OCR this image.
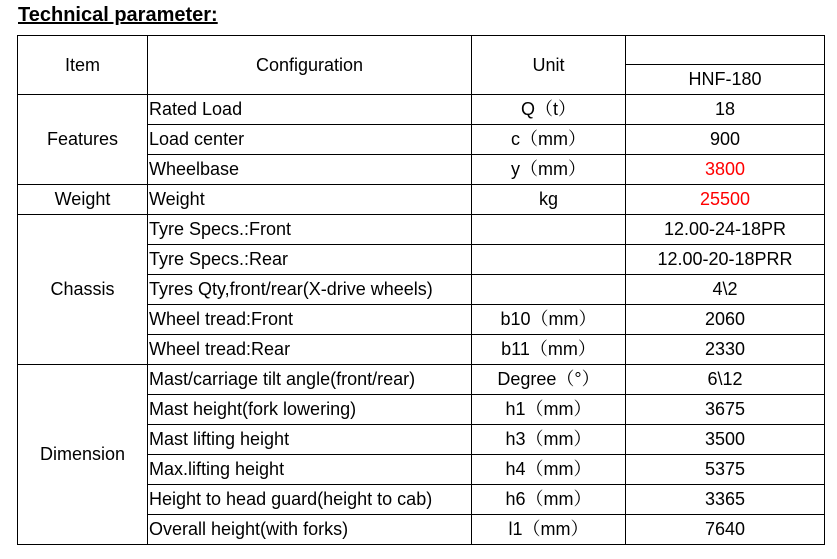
Technical parameter:
Item	Configuration	Unit	
			HNF-180
Features	Rated Load	Q（t）	18
	Load center	c（mm）	900
	Wheelbase	y（mm）	3800
Weight	Weight	kg	25500
Chassis	Tyre Specs.:Front		12.00-24-18PR
	Tyre Specs.:Rear		12.00-20-18PRR
	Tyres Qty,front/rear(X-drive wheels)		4\2
	Wheel tread:Front	b10（mm）	2060
	Wheel tread:Rear	b11（mm）	2330
Dimension	Mast/carriage tilt angle(front/rear)	Degree（°）	6\12
	Mast height(fork lowering)	h1（mm）	3675
	Mast lifting height	h3（mm）	3500
	Max.lifting height	h4（mm）	5375
	Height to head guard(height to cab)	h6（mm）	3365
	Overall height(with forks)	l1（mm）	7640
